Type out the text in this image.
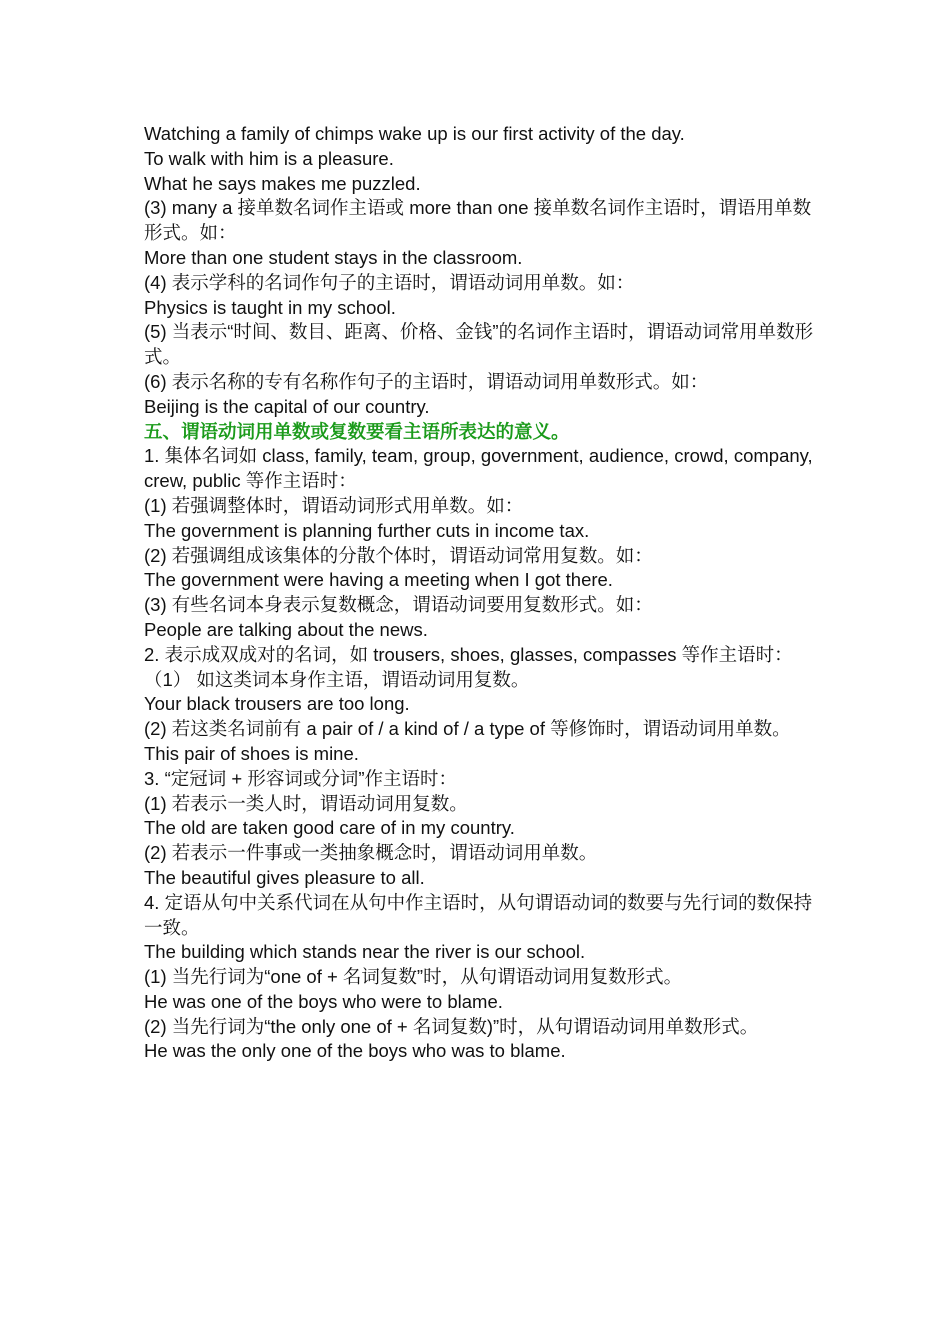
Watching a family of chimps wake up is our first activity of the day.

To walk with him is a pleasure.

What he says makes me puzzled.

(3) many a 接单数名词作主语或 more than one 接单数名词作主语时，谓语用单数形式。如：

More than one student stays in the classroom.

(4) 表示学科的名词作句子的主语时，谓语动词用单数。如：

Physics is taught in my school.

(5) 当表示“时间、数目、距离、价格、金钱”的名词作主语时，谓语动词常用单数形式。

(6) 表示名称的专有名称作句子的主语时，谓语动词用单数形式。如：

Beijing is the capital of our country.

五、谓语动词用单数或复数要看主语所表达的意义。

1. 集体名词如 class, family, team, group, government, audience, crowd, company, crew, public 等作主语时：

(1) 若强调整体时，谓语动词形式用单数。如：

The government is planning further cuts in income tax.

(2) 若强调组成该集体的分散个体时，谓语动词常用复数。如：

The government were having a meeting when I got there.

(3) 有些名词本身表示复数概念，谓语动词要用复数形式。如：

People are talking about the news.

2. 表示成双成对的名词，如 trousers, shoes, glasses, compasses 等作主语时：

（1） 如这类词本身作主语，谓语动词用复数。

Your black trousers are too long.

(2) 若这类名词前有 a pair of / a kind of / a type of 等修饰时，谓语动词用单数。

This pair of shoes is mine.

3. “定冠词 + 形容词或分词”作主语时：

(1) 若表示一类人时，谓语动词用复数。

The old are taken good care of in my country.

(2) 若表示一件事或一类抽象概念时，谓语动词用单数。

The beautiful gives pleasure to all.

4. 定语从句中关系代词在从句中作主语时，从句谓语动词的数要与先行词的数保持一致。

The building which stands near the river is our school.

(1) 当先行词为“one of + 名词复数”时，从句谓语动词用复数形式。

He was one of the boys who were to blame.

(2) 当先行词为“the only one of + 名词复数)”时，从句谓语动词用单数形式。

He was the only one of the boys who was to blame.
